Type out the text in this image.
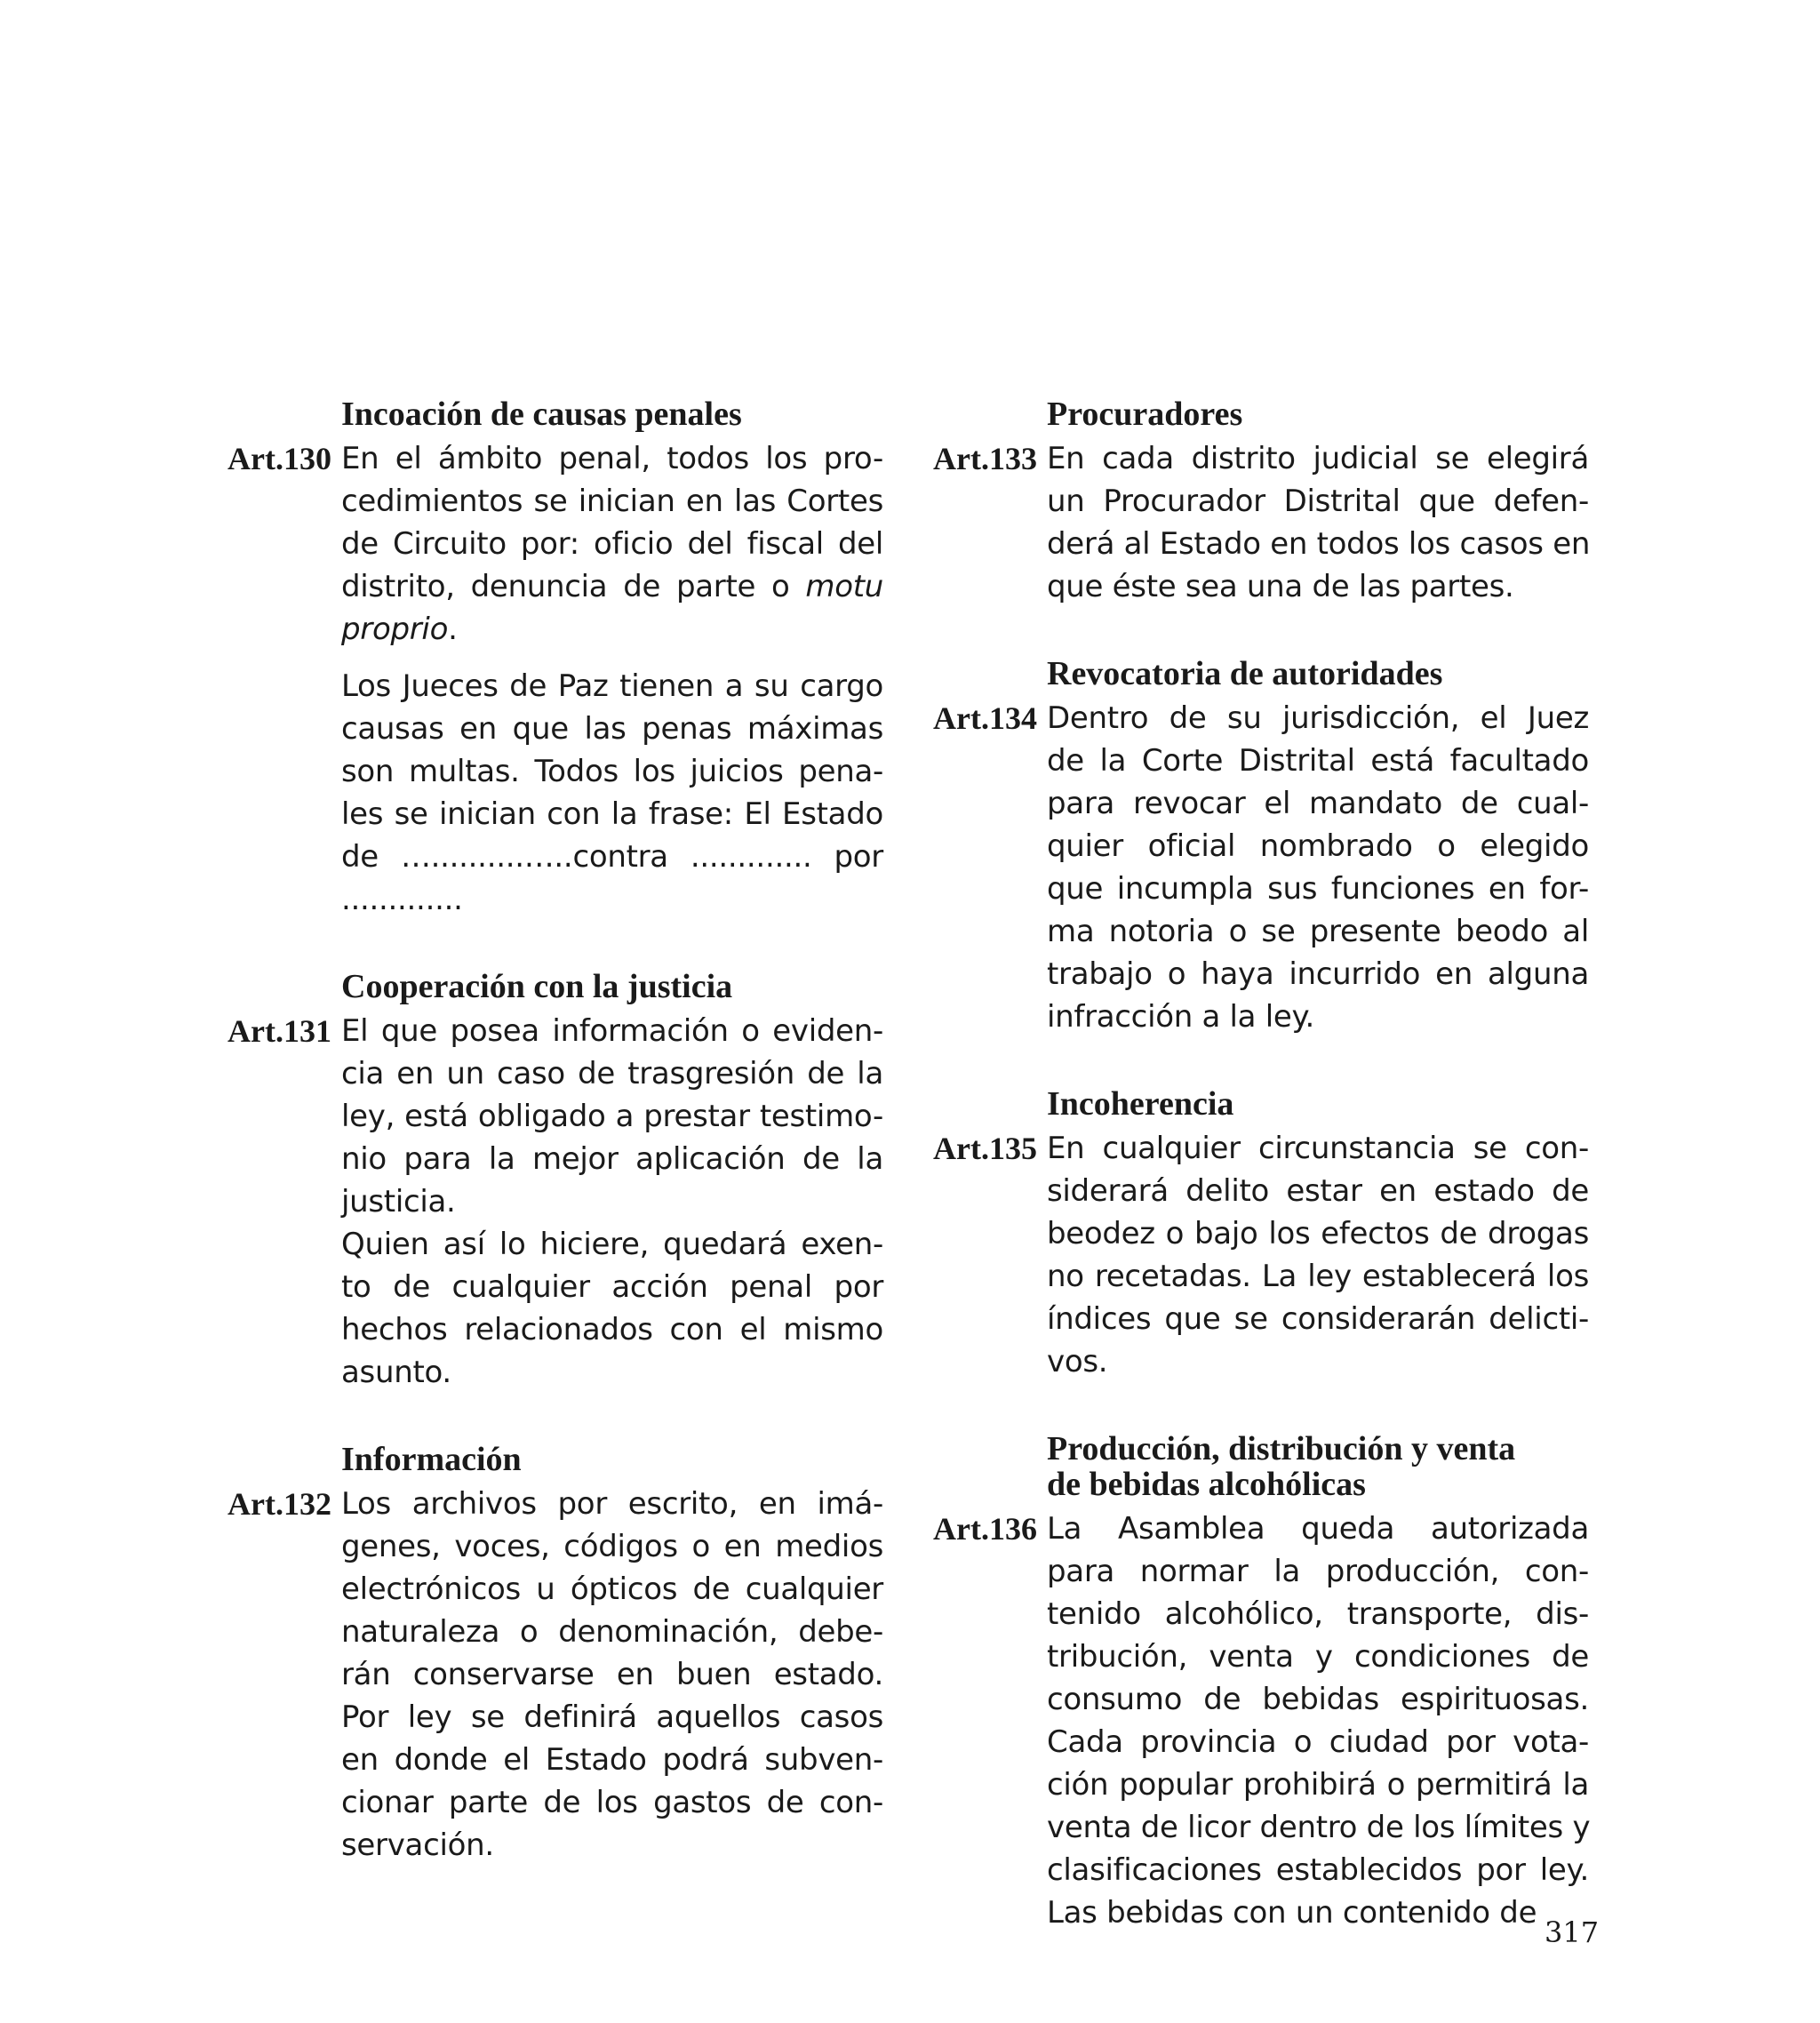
Incoación de causas penales
Art.130 En el ámbito penal, todos los pro-
cedimientos se inician en las Cortes
de Circuito por: oficio del fiscal del
distrito, denuncia de parte o motu
proprio.
Los Jueces de Paz tienen a su cargo
causas en que las penas máximas
son multas. Todos los juicios pena-
les se inician con la frase: El Estado
de …..........…..contra ............. por
.............
Cooperación con la justicia
Art.131 El que posea información o eviden-
cia en un caso de trasgresión de la
ley, está obligado a prestar testimo-
nio para la mejor aplicación de la
justicia.
Quien así lo hiciere, quedará exen-
to de cualquier acción penal por
hechos relacionados con el mismo
asunto.
Información
Art.132 Los archivos por escrito, en imá-
genes, voces, códigos o en medios
electrónicos u ópticos de cualquier
naturaleza o denominación, debe-
rán conservarse en buen estado.
Por ley se definirá aquellos casos
en donde el Estado podrá subven-
cionar parte de los gastos de con-
servación.
Procuradores
Art.133 En cada distrito judicial se elegirá
un Procurador Distrital que defen-
derá al Estado en todos los casos en
que éste sea una de las partes.
Revocatoria de autoridades
Art.134 Dentro de su jurisdicción, el Juez
de la Corte Distrital está facultado
para revocar el mandato de cual-
quier oficial nombrado o elegido
que incumpla sus funciones en for-
ma notoria o se presente beodo al
trabajo o haya incurrido en alguna
infracción a la ley.
Incoherencia
Art.135 En cualquier circunstancia se con-
siderará delito estar en estado de
beodez o bajo los efectos de drogas
no recetadas. La ley establecerá los
índices que se considerarán delicti-
vos.
Producción, distribución y venta
de bebidas alcohólicas
Art.136 La Asamblea queda autorizada
para normar la producción, con-
tenido alcohólico, transporte, dis-
tribución, venta y condiciones de
consumo de bebidas espirituosas.
Cada provincia o ciudad por vota-
ción popular prohibirá o permitirá la
venta de licor dentro de los límites y
clasificaciones establecidos por ley.
Las bebidas con un contenido de
317
